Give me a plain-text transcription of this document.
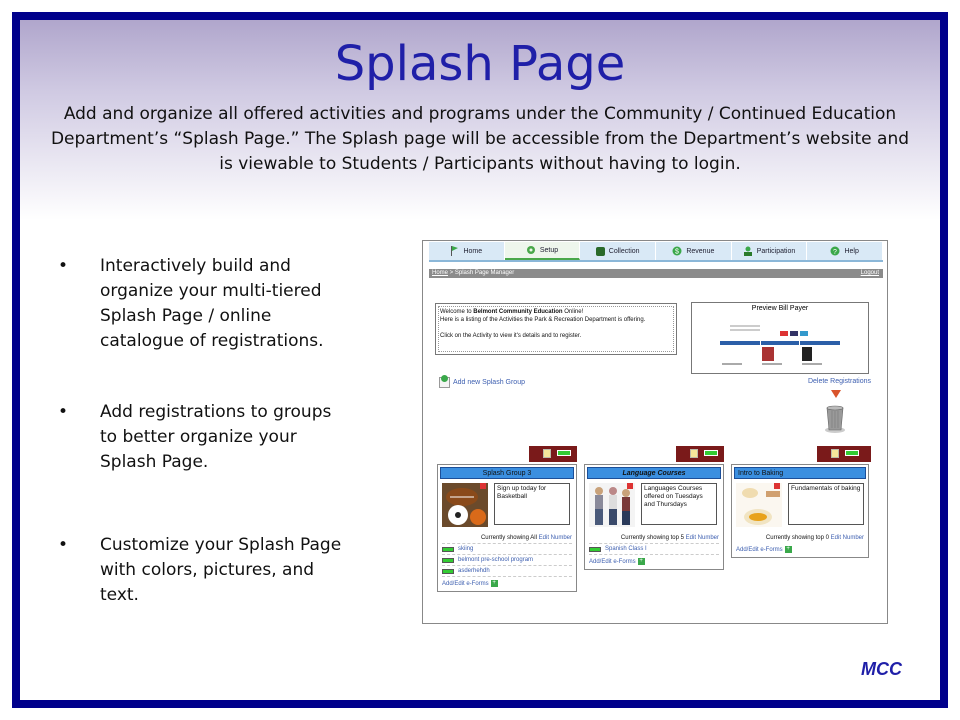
Splash Page
Add and organize all offered activities and programs under the Community / Continued Education
Department’s “Splash Page.” The Splash page will be accessible from the Department’s website and
is viewable to Students / Participants without having to login.
• Interactively build and organize your multi-tiered Splash Page / online catalogue of registrations.
• Add registrations to groups to better organize your Splash Page.
• Customize your Splash Page with colors, pictures, and text.
Home	Setup	Collection	$ Revenue	Participation	? Help
Home > Splash Page Manager	Logout
Welcome to Belmont Community Education Online!
Here is a listing of the Activities the Park & Recreation Department is offering.
Click on the Activity to view it's details and to register.
Preview Bill Payer
Add new Splash Group	Delete Registrations
Splash Group 3
Sign up today for Basketball
Currently showing All Edit Number
skiing
belmont pre-school program
asderhehdh
Add/Edit e-Forms +
Language Courses
Languages Courses offered on Tuesdays and Thursdays
Currently showing top 5 Edit Number
Spanish Class I
Add/Edit e-Forms +
Intro to Baking
Fundamentals of baking
Currently showing top 0 Edit Number
Add/Edit e-Forms +
MCC
